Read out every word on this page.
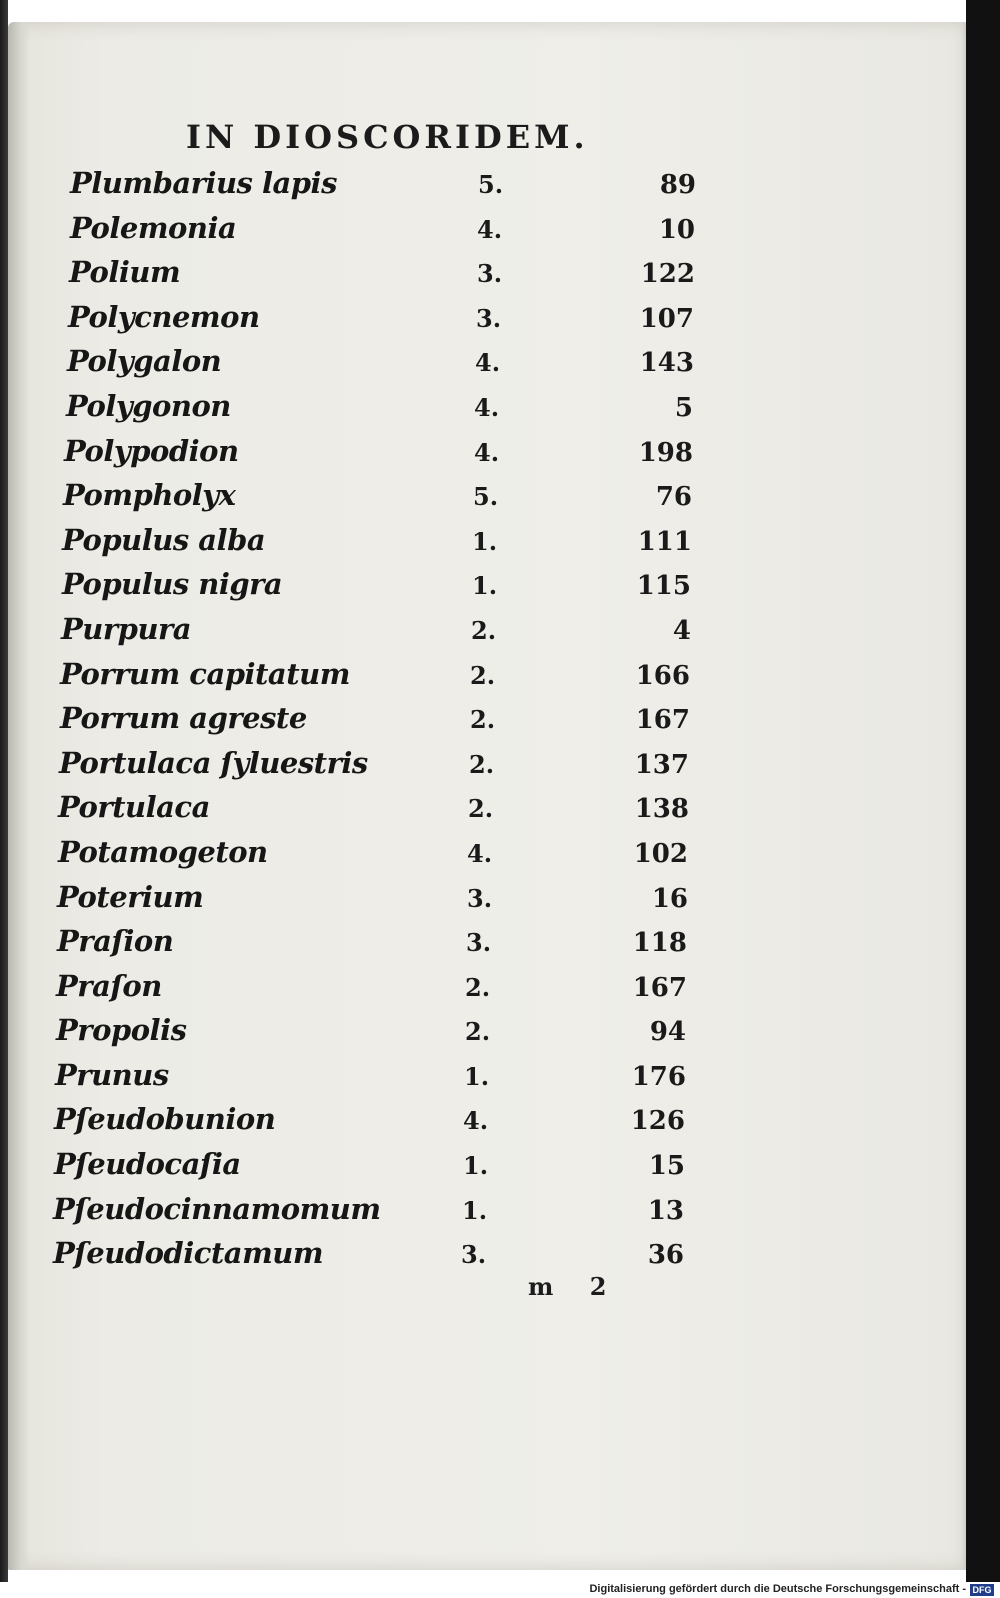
IN DIOSCORIDEM.
Plumbarius lapis	5.	89
Polemonia	4.	10
Polium	3.	122
Polycnemon	3.	107
Polygalon	4.	143
Polygonon	4.	5
Polypodion	4.	198
Pompholyx	5.	76
Populus alba	1.	111
Populus nigra	1.	115
Purpura	2.	4
Porrum capitatum	2.	166
Porrum agreste	2.	167
Portulaca ſyluestris	2.	137
Portulaca	2.	138
Potamogeton	4.	102
Poterium	3.	16
Praſion	3.	118
Praſon	2.	167
Propolis	2.	94
Prunus	1.	176
Pſeudobunion	4.	126
Pſeudocaſia	1.	15
Pſeudocinnamomum	1.	13
Pſeudodictamum	3.	36
m 2
Digitalisierung gefördert durch die Deutsche Forschungsgemeinschaft - DFG
